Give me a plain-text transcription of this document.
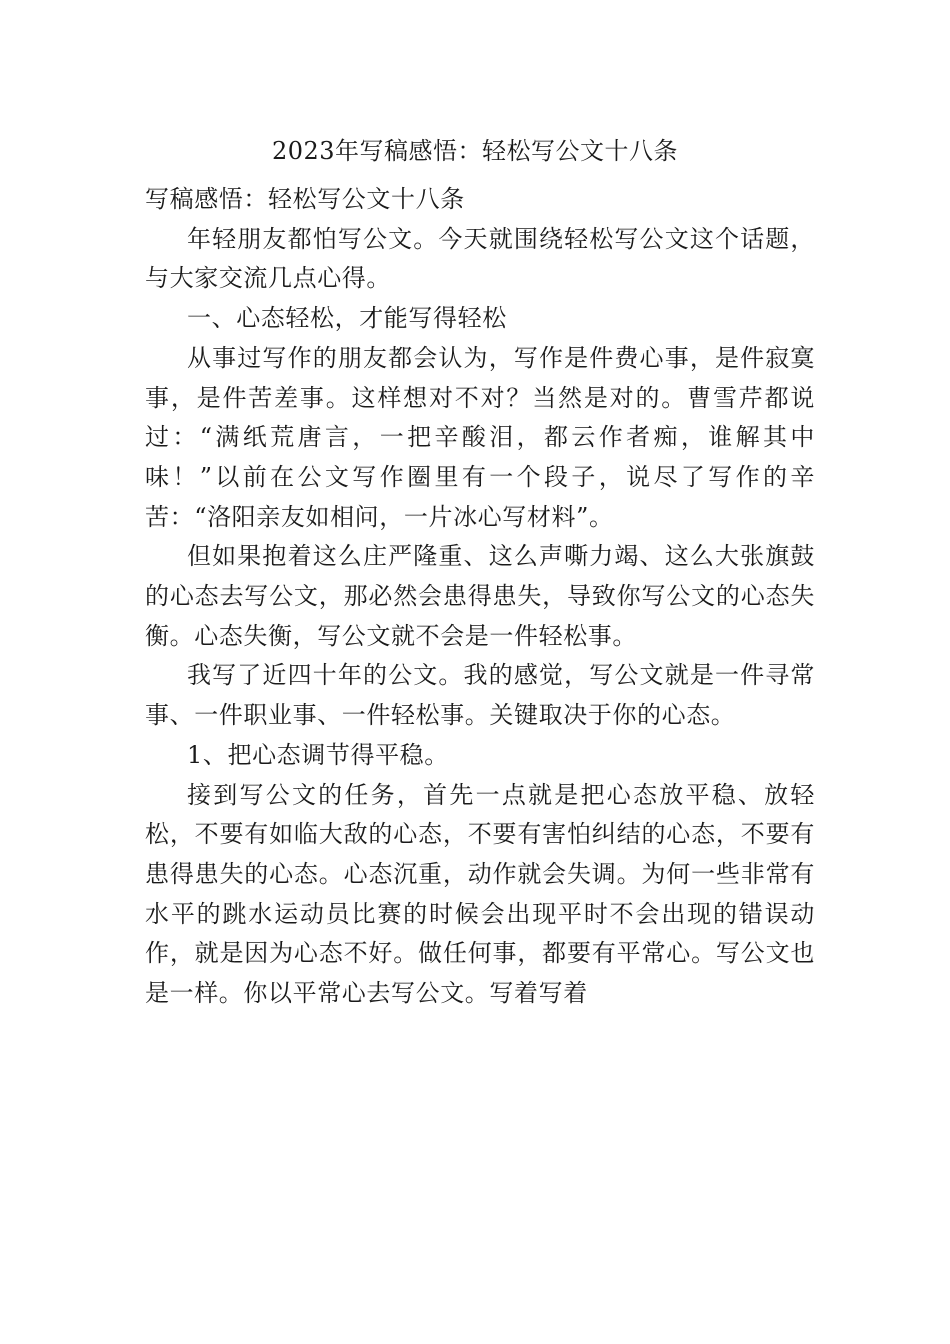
2023年写稿感悟：轻松写公文十八条

写稿感悟：轻松写公文十八条

年轻朋友都怕写公文。今天就围绕轻松写公文这个话题，与大家交流几点心得。

一、心态轻松，才能写得轻松

从事过写作的朋友都会认为，写作是件费心事，是件寂寞事，是件苦差事。这样想对不对？当然是对的。曹雪芹都说过：“满纸荒唐言，一把辛酸泪，都云作者痴，谁解其中味！”以前在公文写作圈里有一个段子，说尽了写作的辛苦：“洛阳亲友如相问，一片冰心写材料”。

但如果抱着这么庄严隆重、这么声嘶力竭、这么大张旗鼓的心态去写公文，那必然会患得患失，导致你写公文的心态失衡。心态失衡，写公文就不会是一件轻松事。

我写了近四十年的公文。我的感觉，写公文就是一件寻常事、一件职业事、一件轻松事。关键取决于你的心态。

1、把心态调节得平稳。

接到写公文的任务，首先一点就是把心态放平稳、放轻松，不要有如临大敌的心态，不要有害怕纠结的心态，不要有患得患失的心态。心态沉重，动作就会失调。为何一些非常有水平的跳水运动员比赛的时候会出现平时不会出现的错误动作，就是因为心态不好。做任何事，都要有平常心。写公文也是一样。你以平常心去写公文。写着写着
